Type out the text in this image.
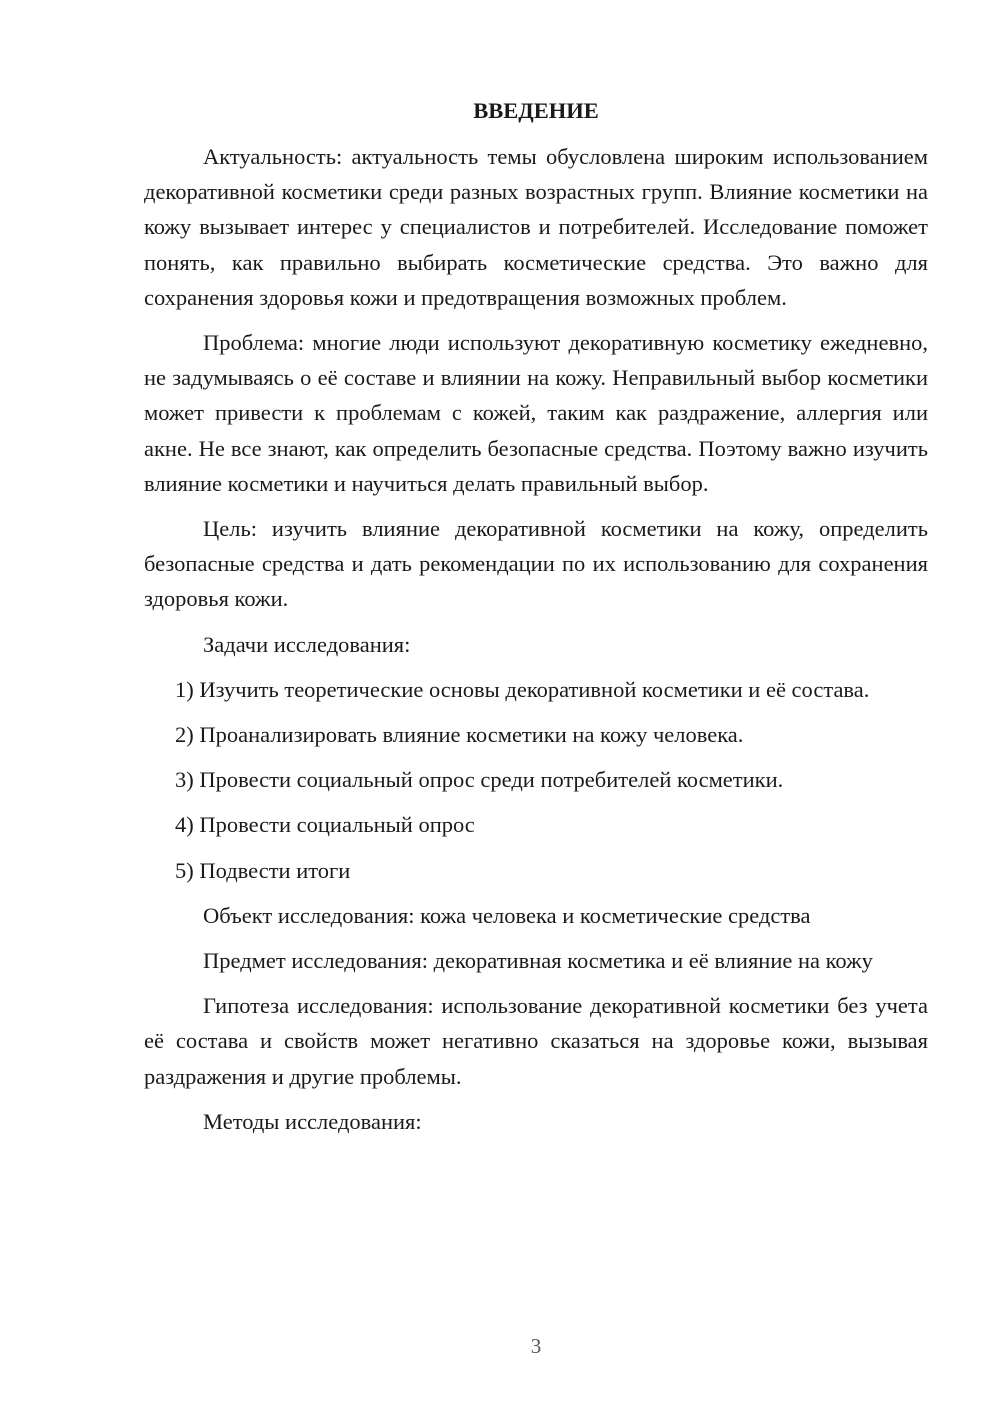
ВВЕДЕНИЕ

Актуальность: актуальность темы обусловлена широким использованием декоративной косметики среди разных возрастных групп. Влияние косметики на кожу вызывает интерес у специалистов и потребителей. Исследование поможет понять, как правильно выбирать косметические средства. Это важно для сохранения здоровья кожи и предотвращения возможных проблем.

Проблема: многие люди используют декоративную косметику ежедневно, не задумываясь о её составе и влиянии на кожу. Неправильный выбор косметики может привести к проблемам с кожей, таким как раздражение, аллергия или акне. Не все знают, как определить безопасные средства. Поэтому важно изучить влияние косметики и научиться делать правильный выбор.

Цель: изучить влияние декоративной косметики на кожу, определить безопасные средства и дать рекомендации по их использованию для сохранения здоровья кожи.

Задачи исследования:

1) Изучить теоретические основы декоративной косметики и её состава.

2) Проанализировать влияние косметики на кожу человека.

3) Провести социальный опрос среди потребителей косметики.

4) Провести социальный опрос

5) Подвести итоги

Объект исследования: кожа человека и косметические средства

Предмет исследования: декоративная косметика и её влияние на кожу

Гипотеза исследования: использование декоративной косметики без учета её состава и свойств может негативно сказаться на здоровье кожи, вызывая раздражения и другие проблемы.

Методы исследования:

3
